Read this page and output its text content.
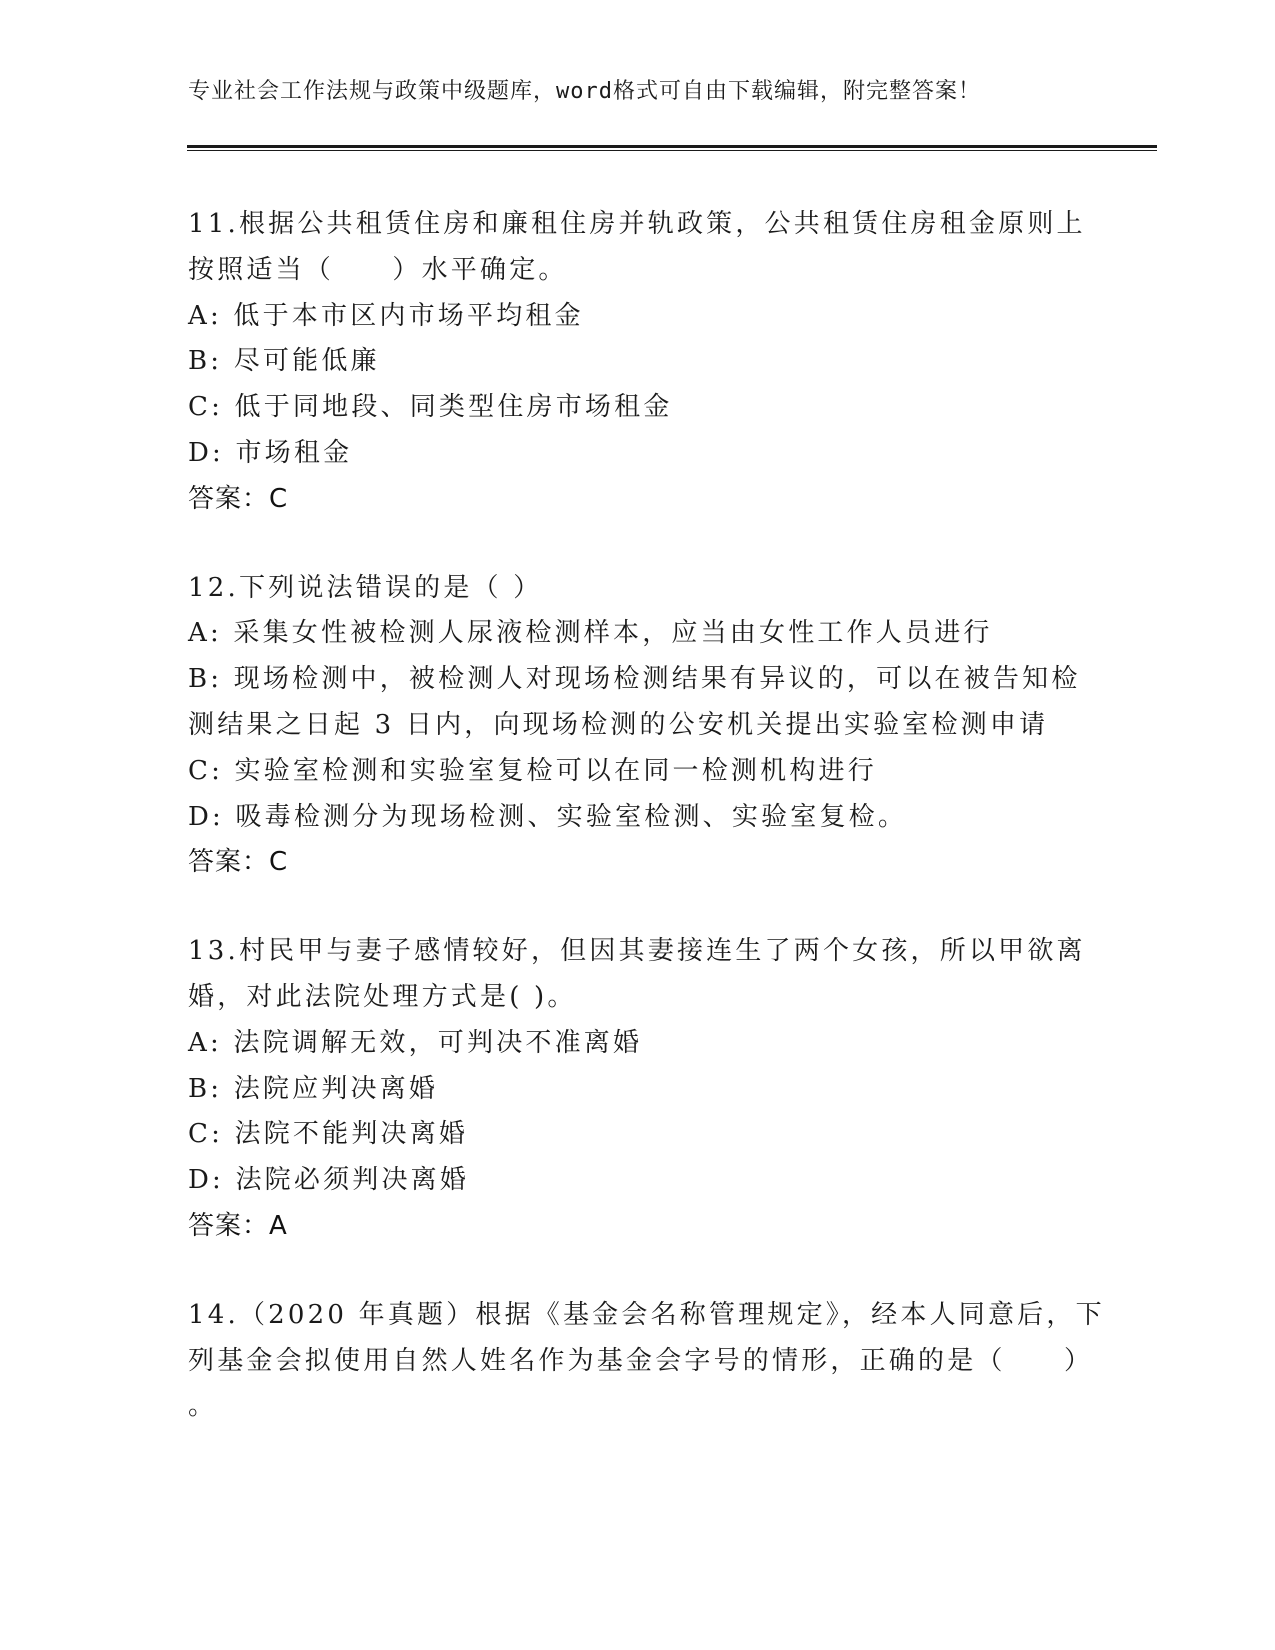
专业社会工作法规与政策中级题库，word格式可自由下载编辑，附完整答案！
11.根据公共租赁住房和廉租住房并轨政策，公共租赁住房租金原则上
按照适当（　　）水平确定。
A: 低于本市区内市场平均租金
B: 尽可能低廉
C: 低于同地段、同类型住房市场租金
D: 市场租金
答案：C
12.下列说法错误的是（ ）
A: 采集女性被检测人尿液检测样本，应当由女性工作人员进行
B: 现场检测中，被检测人对现场检测结果有异议的，可以在被告知检
测结果之日起 3 日内，向现场检测的公安机关提出实验室检测申请
C: 实验室检测和实验室复检可以在同一检测机构进行
D: 吸毒检测分为现场检测、实验室检测、实验室复检。
答案：C
13.村民甲与妻子感情较好，但因其妻接连生了两个女孩，所以甲欲离
婚，对此法院处理方式是( )。
A: 法院调解无效，可判决不准离婚
B: 法院应判决离婚
C: 法院不能判决离婚
D: 法院必须判决离婚
答案：A
14.（2020 年真题）根据《基金会名称管理规定》，经本人同意后，下
列基金会拟使用自然人姓名作为基金会字号的情形，正确的是（　　）
。
